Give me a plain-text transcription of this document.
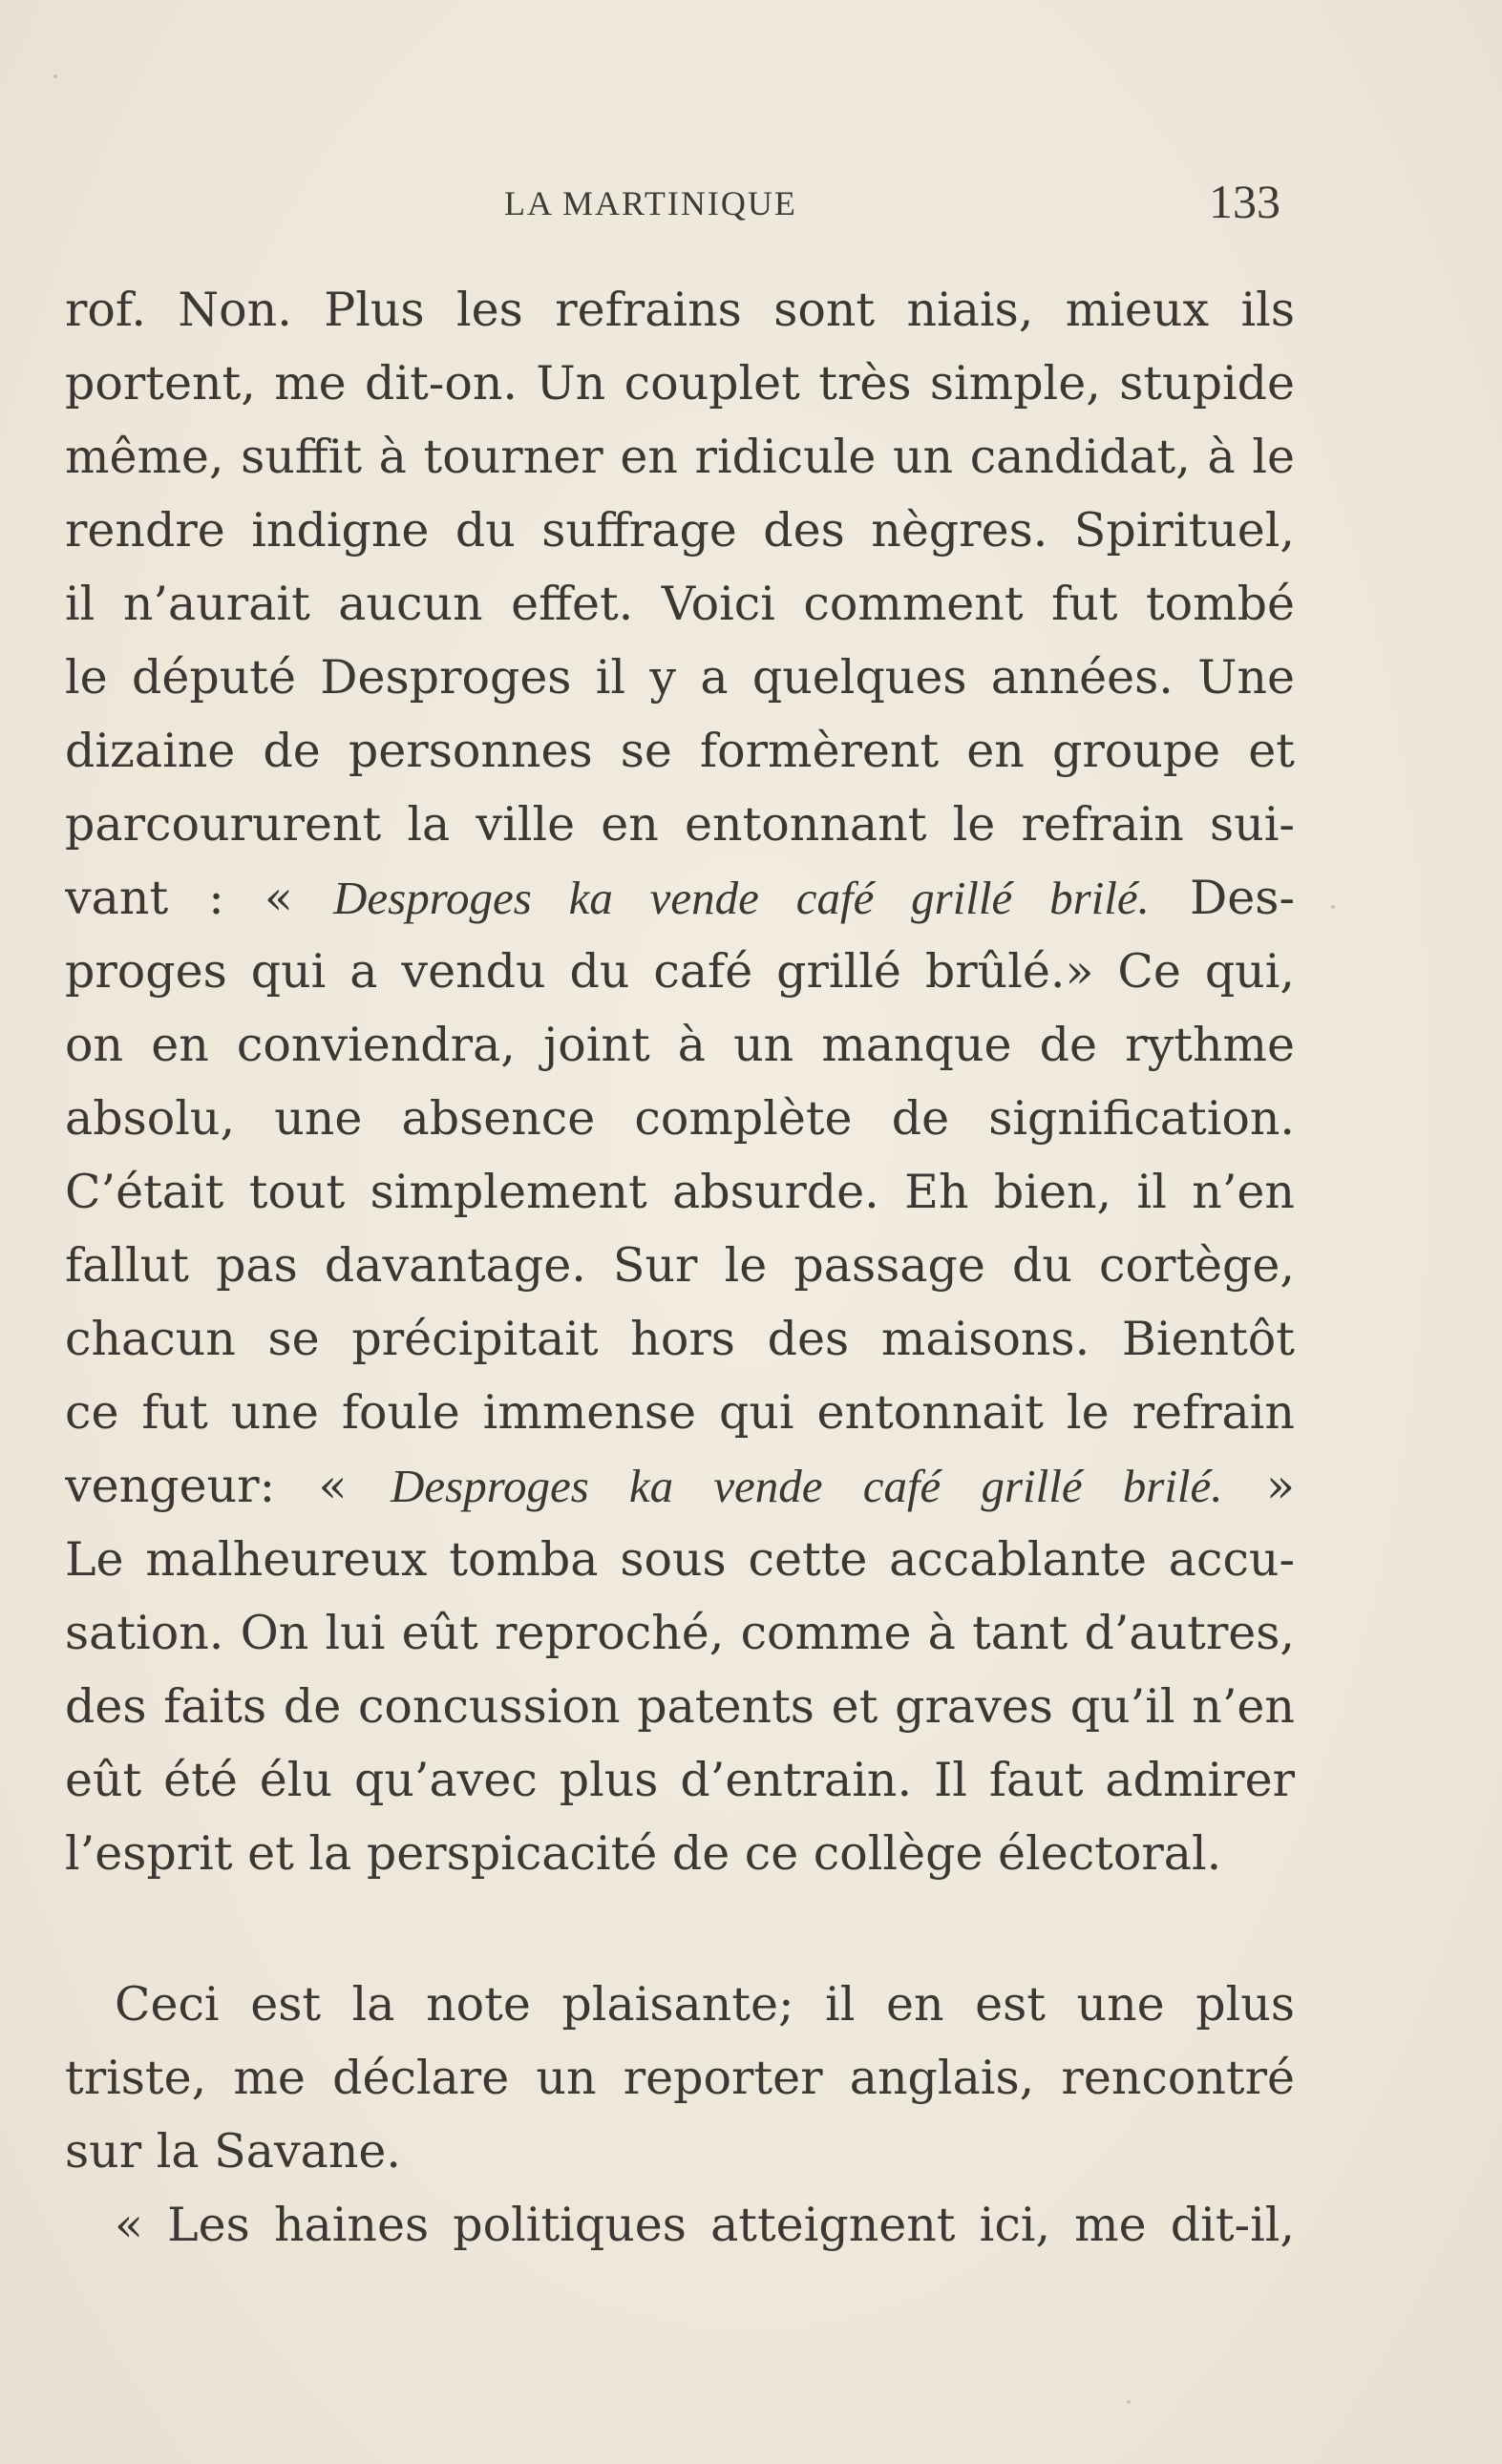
LA MARTINIQUE	133
rof. Non. Plus les refrains sont niais, mieux ils
portent, me dit-on. Un couplet très simple, stupide
même, suffit à tourner en ridicule un candidat, à le
rendre indigne du suffrage des nègres. Spirituel,
il n’aurait aucun effet. Voici comment fut tombé
le député Desproges il y a quelques années. Une
dizaine de personnes se formèrent en groupe et
parcoururent la ville en entonnant le refrain sui-
vant : « Desproges ka vende café grillé brilé. Des-
proges qui a vendu du café grillé brûlé.» Ce qui,
on en conviendra, joint à un manque de rythme
absolu, une absence complète de signification.
C’était tout simplement absurde. Eh bien, il n’en
fallut pas davantage. Sur le passage du cortège,
chacun se précipitait hors des maisons. Bientôt
ce fut une foule immense qui entonnait le refrain
vengeur: « Desproges ka vende café grillé brilé. »
Le malheureux tomba sous cette accablante accu-
sation. On lui eût reproché, comme à tant d’autres,
des faits de concussion patents et graves qu’il n’en
eût été élu qu’avec plus d’entrain. Il faut admirer
l’esprit et la perspicacité de ce collège électoral.
Ceci est la note plaisante; il en est une plus
triste, me déclare un reporter anglais, rencontré
sur la Savane.
« Les haines politiques atteignent ici, me dit-il,
